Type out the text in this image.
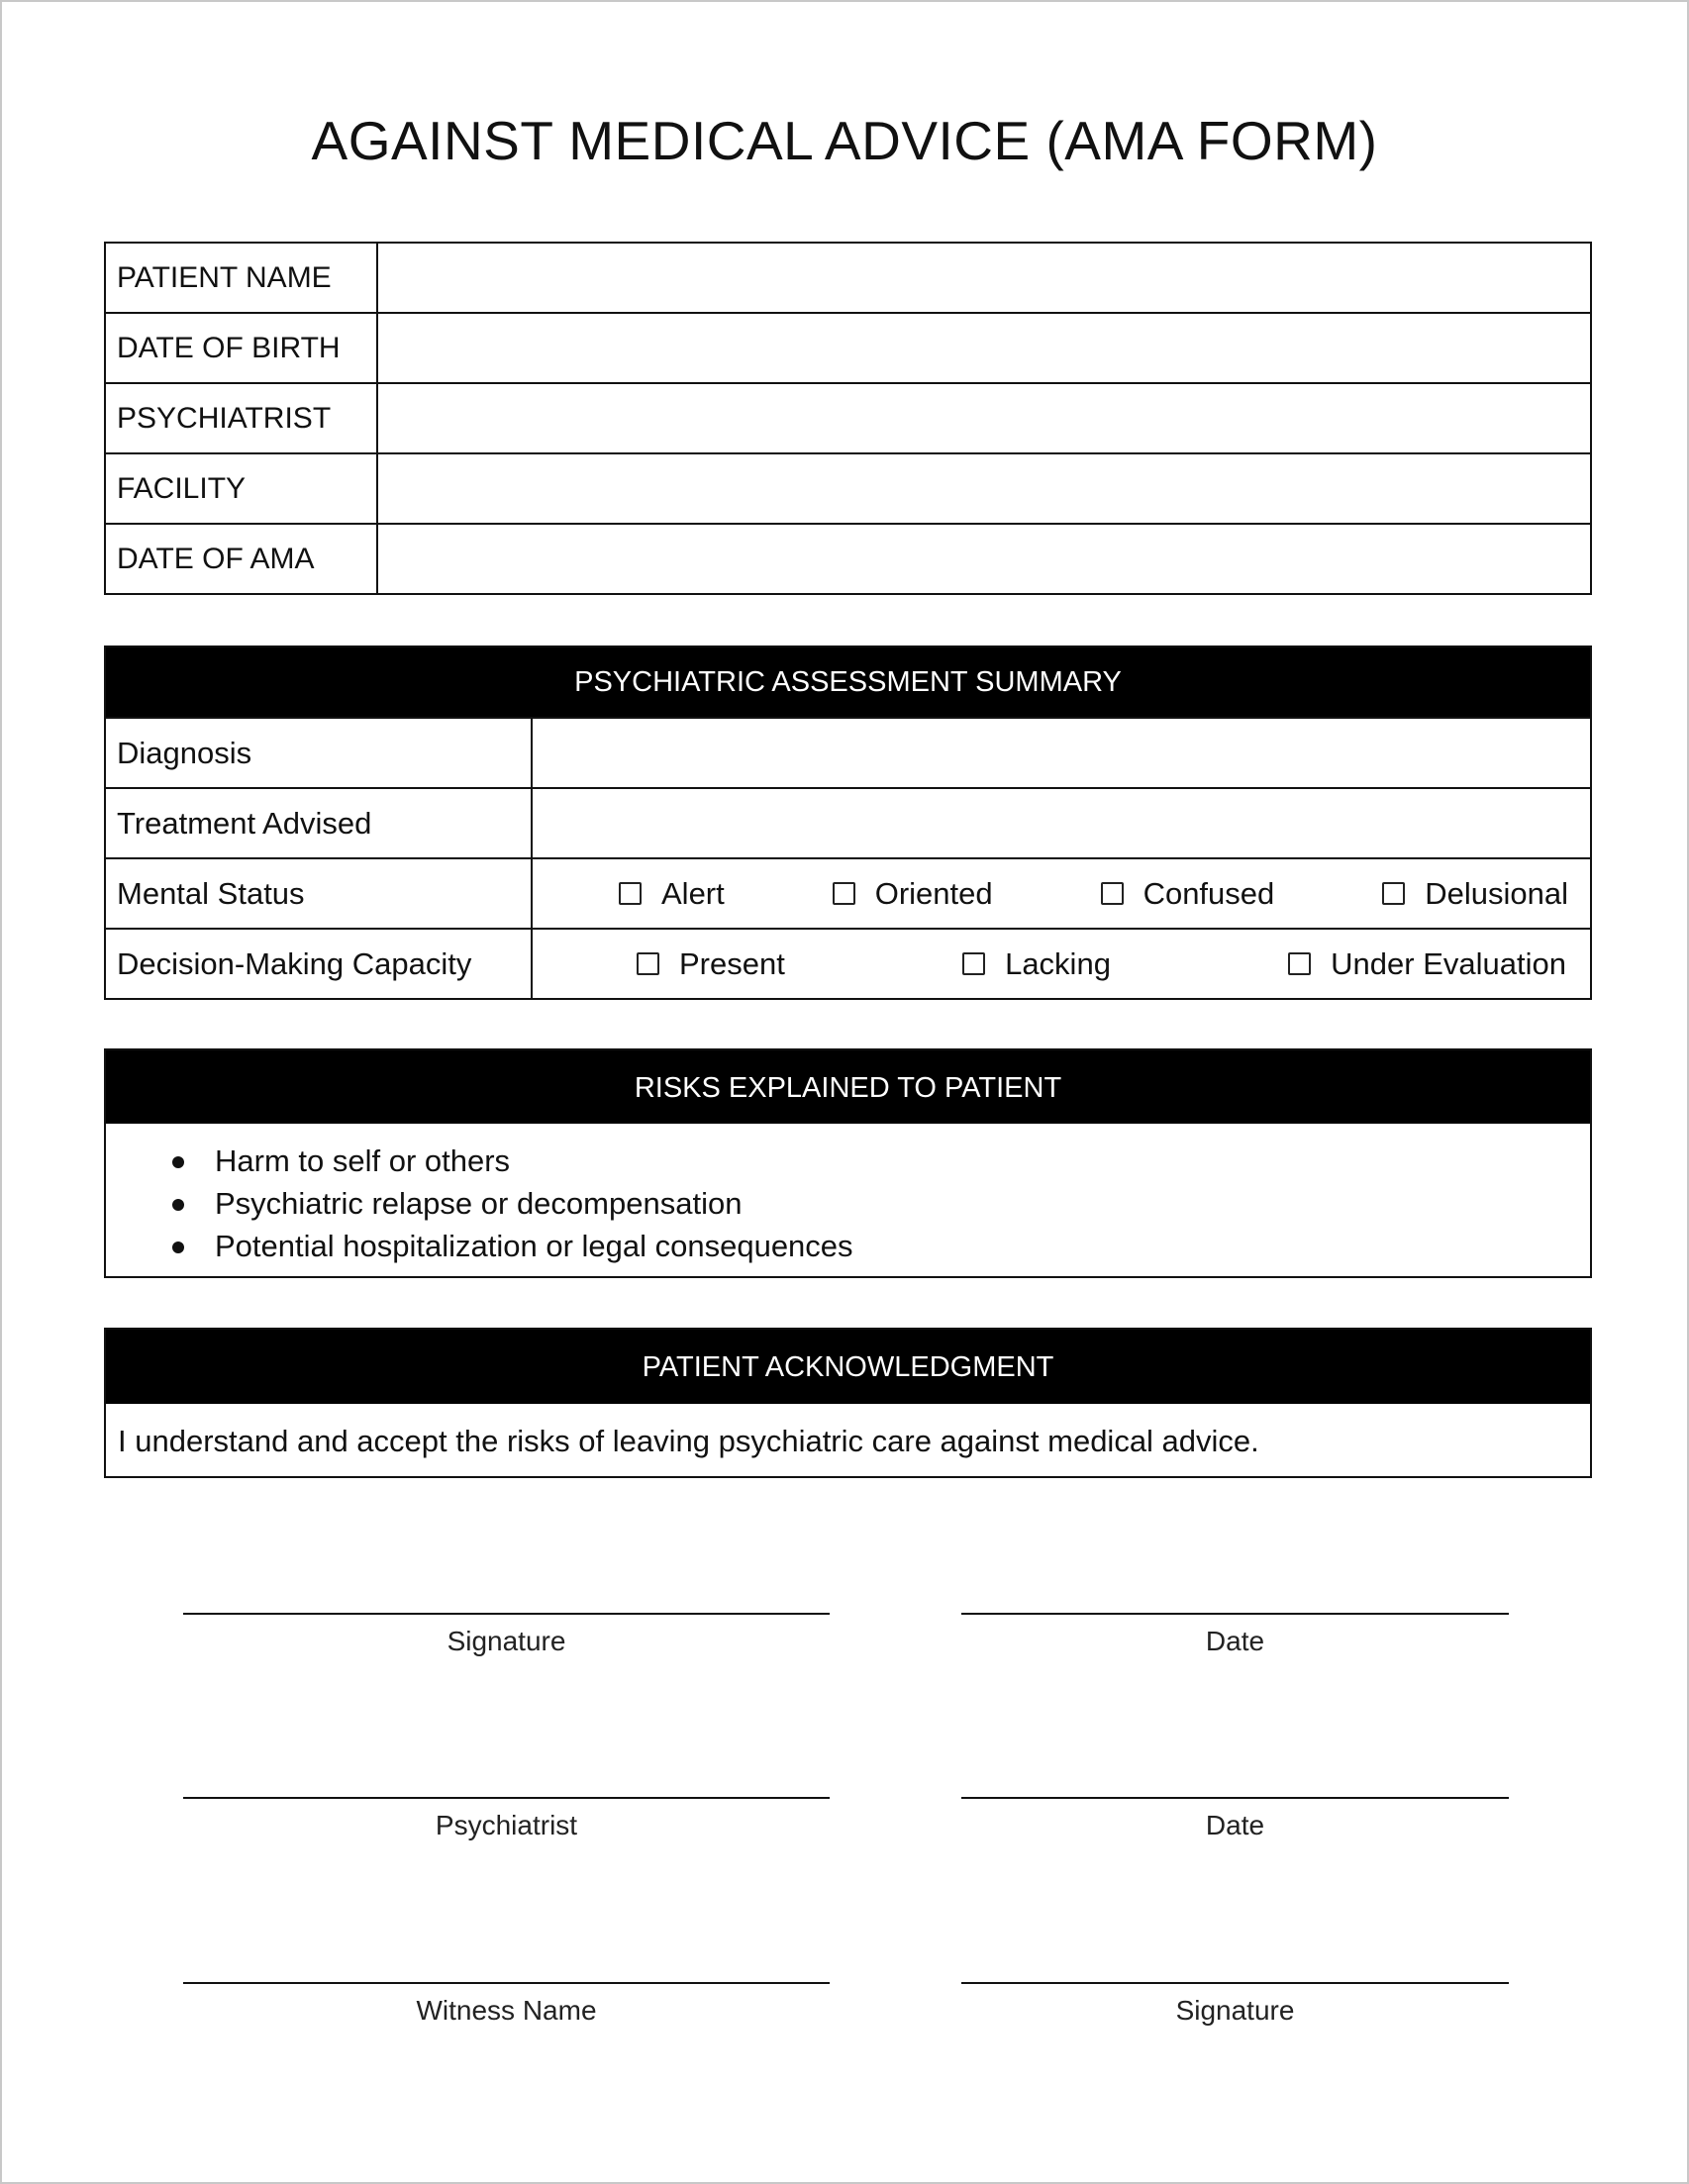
AGAINST MEDICAL ADVICE (AMA FORM)
PATIENT NAME	
DATE OF BIRTH	
PSYCHIATRIST	
FACILITY	
DATE OF AMA	
PSYCHIATRIC ASSESSMENT SUMMARY	
Diagnosis	
Treatment Advised	
Mental Status	Alert Oriented Confused Delusional

Decision-Making Capacity	Present Lacking Under Evaluation
RISKS EXPLAINED TO PATIENT
Harm to self or others
Psychiatric relapse or decompensation
Potential hospitalization or legal consequences
PATIENT ACKNOWLEDGMENT
I understand and accept the risks of leaving psychiatric care against medical advice.
Signature	Date
Psychiatrist	Date
Witness Name	Signature
